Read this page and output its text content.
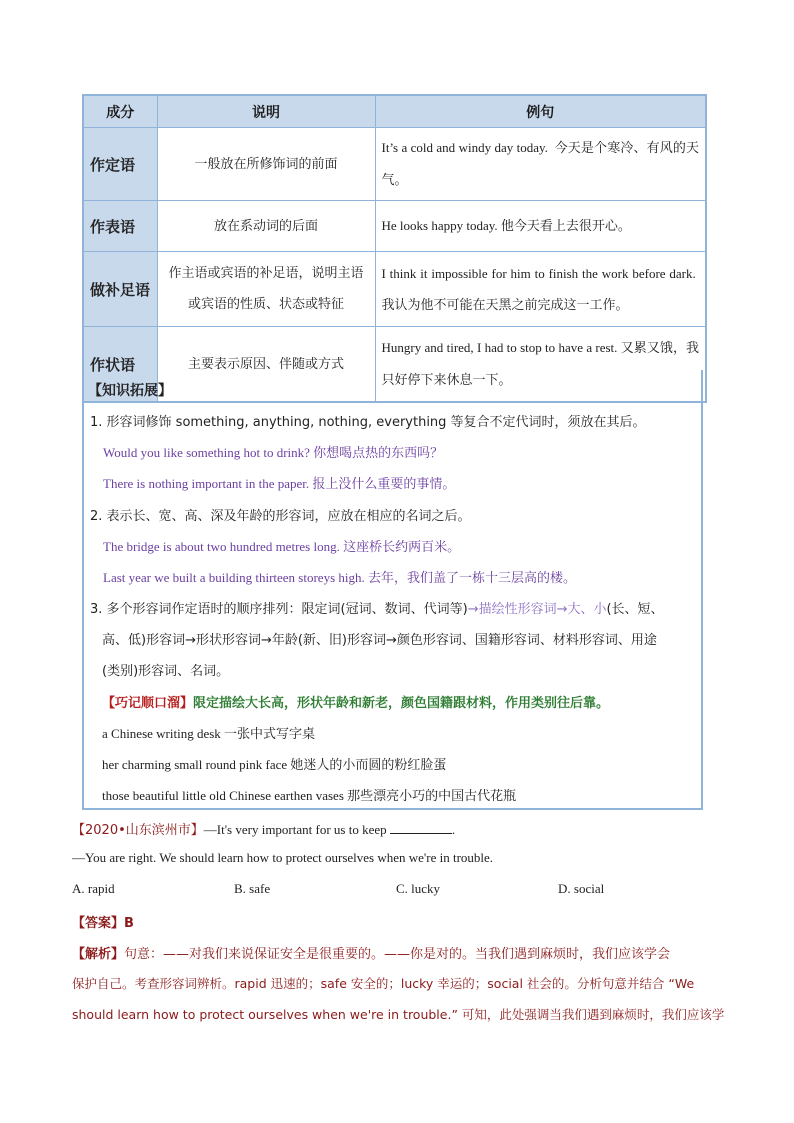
成分	说明	例句
作定语	一般放在所修饰词的前面	It’s a cold and windy day today. 今天是个寒冷、有风的天气。
作表语	放在系动词的后面	He looks happy today. 他今天看上去很开心。
做补足语	作主语或宾语的补足语，说明主语或宾语的性质、状态或特征	I think it impossible for him to finish the work before dark.  我认为他不可能在天黑之前完成这一工作。
作状语	主要表示原因、伴随或方式	Hungry and tired, I had to stop to have a rest. 又累又饿，我只好停下来休息一下。
【知识拓展】
1. 形容词修饰 something, anything, nothing, everything 等复合不定代词时，须放在其后。
Would you like something hot to drink? 你想喝点热的东西吗？
There is nothing important in the paper. 报上没什么重要的事情。
2. 表示长、宽、高、深及年龄的形容词，应放在相应的名词之后。
The bridge is about two hundred metres long. 这座桥长约两百米。
Last year we built a building thirteen storeys high. 去年，我们盖了一栋十三层高的楼。
3. 多个形容词作定语时的顺序排列：限定词(冠词、数词、代词等)→描绘性形容词→大、小(长、短、
高、低)形容词→形状形容词→年龄(新、旧)形容词→颜色形容词、国籍形容词、材料形容词、用途
(类别)形容词、名词。
【巧记顺口溜】限定描绘大长高，形状年龄和新老，颜色国籍跟材料，作用类别往后靠。
a Chinese writing desk 一张中式写字桌
her charming small round pink face 她迷人的小而圆的粉红脸蛋
those beautiful little old Chinese earthen vases 那些漂亮小巧的中国古代花瓶
【2020•山东滨州市】—It's very important for us to keep	.
—You are right. We should learn how to protect ourselves when we're in trouble.
A. rapid	B. safe	C. lucky	D. social
【答案】B
【解析】句意：——对我们来说保证安全是很重要的。——你是对的。当我们遇到麻烦时，我们应该学会
保护自己。考查形容词辨析。rapid 迅速的；safe 安全的；lucky 幸运的；social 社会的。分析句意并结合 “We
should learn how to protect ourselves when we're in trouble.” 可知，此处强调当我们遇到麻烦时，我们应该学
